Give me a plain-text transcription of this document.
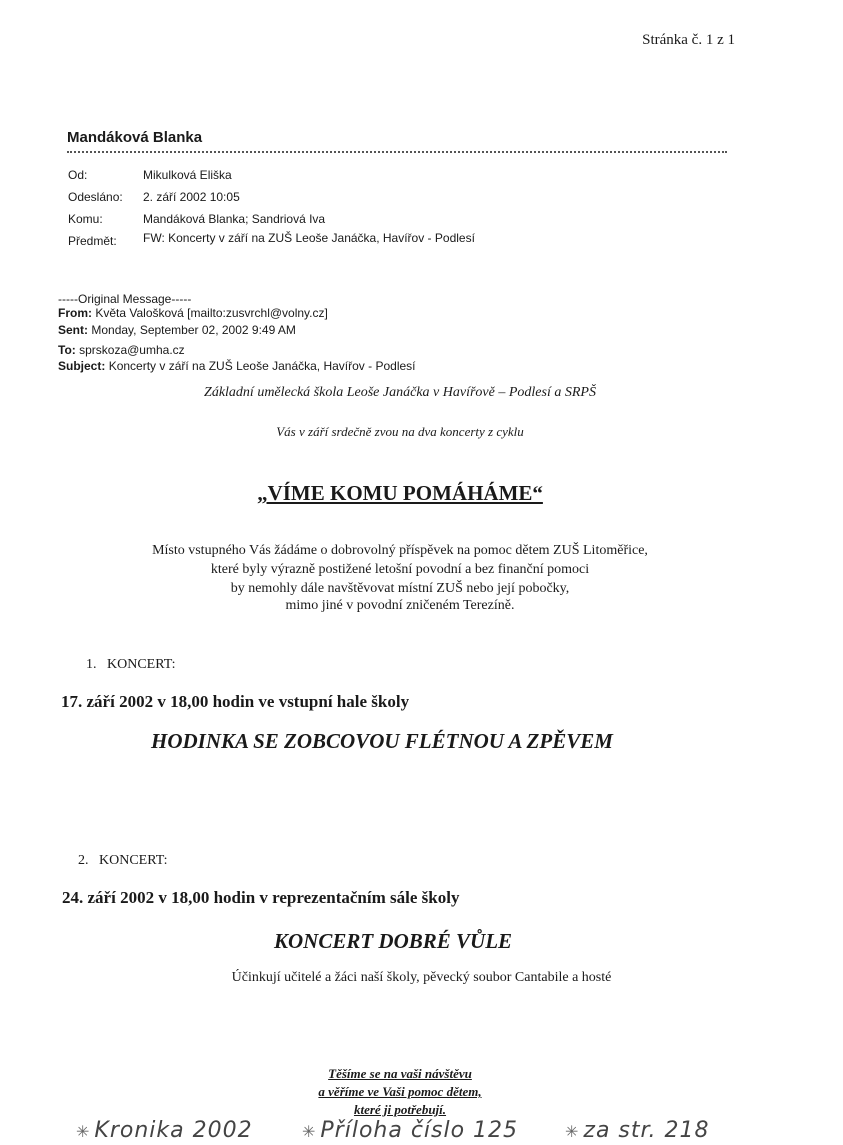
Stránka č. 1 z 1
Mandáková Blanka
Od:	Mikulková Eliška
Odesláno: 2. září 2002 10:05
Komu:	Mandáková Blanka; Sandriová Iva
Předmět: FW: Koncerty v září na ZUŠ Leoše Janáčka, Havířov - Podlesí
-----Original Message-----
From: Květa Valošková [mailto:zusvrchl@volny.cz]
Sent: Monday, September 02, 2002 9:49 AM
To: sprskoza@umha.cz
Subject: Koncerty v září na ZUŠ Leoše Janáčka, Havířov - Podlesí
Základní umělecká škola Leoše Janáčka v Havířově – Podlesí a SRPŠ
Vás v září srdečně zvou na dva koncerty z cyklu
„VÍME KOMU POMÁHÁME“
Místo vstupného Vás žádáme o dobrovolný příspěvek na pomoc dětem ZUŠ Litoměřice,
které byly výrazně postižené letošní povodní a bez finanční pomoci
by nemohly dále navštěvovat místní ZUŠ nebo její pobočky,
mimo jiné v povodní zničeném Terezíně.
1. KONCERT:
17. září 2002 v 18,00 hodin ve vstupní hale školy
HODINKA SE ZOBCOVOU FLÉTNOU A ZPĚVEM
2. KONCERT:
24. září 2002 v 18,00 hodin v reprezentačním sále školy
KONCERT DOBRÉ VŮLE
Účinkují učitelé a žáci naší školy, pěvecký soubor Cantabile a hosté
Těšíme se na vaši návštěvu
a věříme ve Vaši pomoc dětem,
které ji potřebují.
✳ Kronika 2002	✳ Příloha číslo 125	✳ za str. 218
